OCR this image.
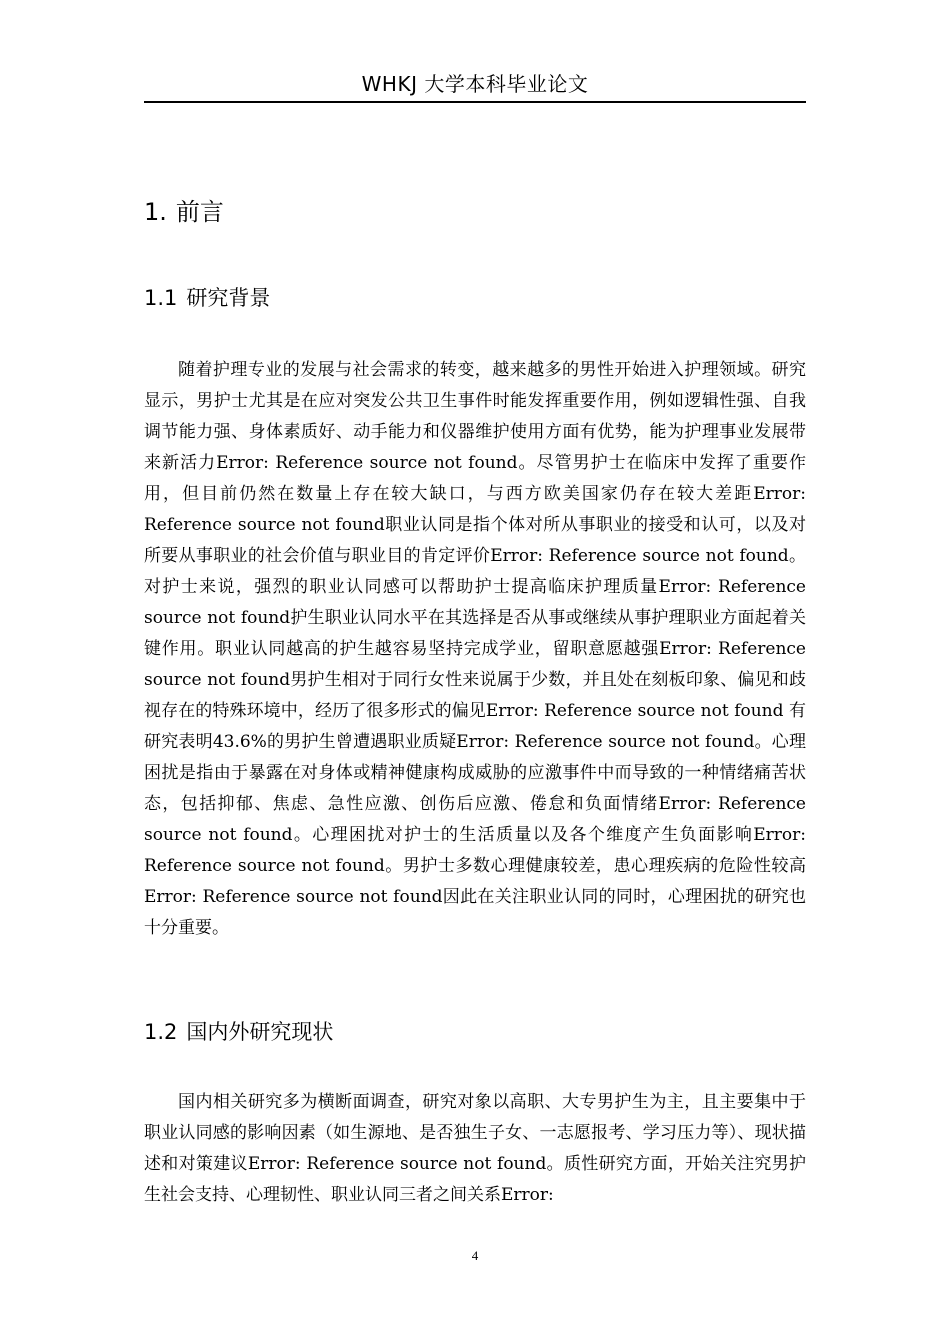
WHKJ 大学本科毕业论文
1. 前言
1.1 研究背景

随着护理专业的发展与社会需求的转变，越来越多的男性开始进入护理领域。研究显示，男护士尤其是在应对突发公共卫生事件时能发挥重要作用，例如逻辑性强、自我调节能力强、身体素质好、动手能力和仪器维护使用方面有优势，能为护理事业发展带来新活力Error: Reference source not found。尽管男护士在临床中发挥了重要作用，但目前仍然在数量上存在较大缺口，与西方欧美国家仍存在较大差距Error: Reference source not found职业认同是指个体对所从事职业的接受和认可，以及对所要从事职业的社会价值与职业目的肯定评价Error: Reference source not found。对护士来说，强烈的职业认同感可以帮助护士提高临床护理质量Error: Reference source not found护生职业认同水平在其选择是否从事或继续从事护理职业方面起着关键作用。职业认同越高的护生越容易坚持完成学业，留职意愿越强Error: Reference source not found男护生相对于同行女性来说属于少数，并且处在刻板印象、偏见和歧视存在的特殊环境中，经历了很多形式的偏见Error: Reference source not found 有研究表明43.6%的男护生曾遭遇职业质疑Error: Reference source not found。心理困扰是指由于暴露在对身体或精神健康构成威胁的应激事件中而导致的一种情绪痛苦状态，包括抑郁、焦虑、急性应激、创伤后应激、倦怠和负面情绪Error: Reference source not found。心理困扰对护士的生活质量以及各个维度产生负面影响Error: Reference source not found。男护士多数心理健康较差，患心理疾病的危险性较高Error: Reference source not found因此在关注职业认同的同时，心理困扰的研究也十分重要。

1.2 国内外研究现状

国内相关研究多为横断面调查，研究对象以高职、大专男护生为主，且主要集中于职业认同感的影响因素（如生源地、是否独生子女、一志愿报考、学习压力等）、现状描述和对策建议Error: Reference source not found。质性研究方面，开始关注究男护生社会支持、心理韧性、职业认同三者之间关系Error:

4
